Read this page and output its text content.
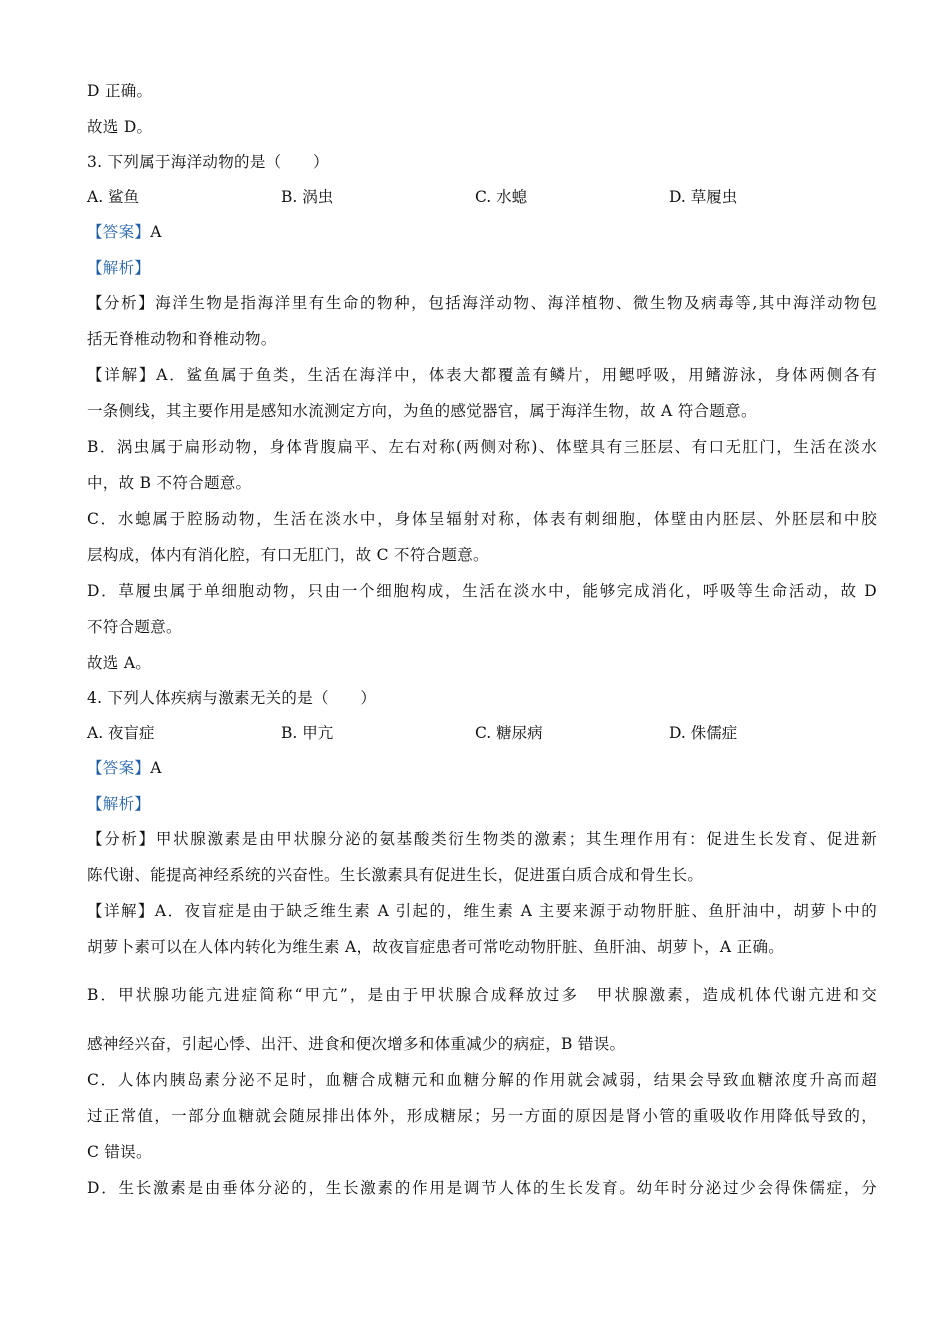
D 正确。
故选 D。
3. 下列属于海洋动物的是（　　）
A. 鲨鱼	B. 涡虫	C. 水螅	D. 草履虫
【答案】A
【解析】
【分析】海洋生物是指海洋里有生命的物种，包括海洋动物、海洋植物、微生物及病毒等,其中海洋动物包
括无脊椎动物和脊椎动物。
【详解】A．鲨鱼属于鱼类，生活在海洋中，体表大都覆盖有鳞片，用鳃呼吸，用鳍游泳，身体两侧各有
一条侧线，其主要作用是感知水流测定方向，为鱼的感觉器官，属于海洋生物，故 A 符合题意。
B．涡虫属于扁形动物，身体背腹扁平、左右对称(两侧对称)、体壁具有三胚层、有口无肛门，生活在淡水
中，故 B 不符合题意。
C．水螅属于腔肠动物，生活在淡水中，身体呈辐射对称，体表有刺细胞，体壁由内胚层、外胚层和中胶
层构成，体内有消化腔，有口无肛门，故 C 不符合题意。
D．草履虫属于单细胞动物，只由一个细胞构成，生活在淡水中，能够完成消化，呼吸等生命活动，故 D
不符合题意。
故选 A。
4. 下列人体疾病与激素无关的是（　　）
A. 夜盲症	B. 甲亢	C. 糖尿病	D. 侏儒症
【答案】A
【解析】
【分析】甲状腺激素是由甲状腺分泌的氨基酸类衍生物类的激素；其生理作用有：促进生长发育、促进新
陈代谢、能提高神经系统的兴奋性。生长激素具有促进生长，促进蛋白质合成和骨生长。
【详解】A．夜盲症是由于缺乏维生素 A 引起的，维生素 A 主要来源于动物肝脏、鱼肝油中，胡萝卜中的
胡萝卜素可以在人体内转化为维生素 A，故夜盲症患者可常吃动物肝脏、鱼肝油、胡萝卜，A 正确。
B．甲状腺功能亢进症简称“甲亢”，是由于甲状腺合成释放过多　甲状腺激素，造成机体代谢亢进和交
感神经兴奋，引起心悸、出汗、进食和便次增多和体重减少的病症，B 错误。
C．人体内胰岛素分泌不足时，血糖合成糖元和血糖分解的作用就会减弱，结果会导致血糖浓度升高而超
过正常值，一部分血糖就会随尿排出体外，形成糖尿；另一方面的原因是肾小管的重吸收作用降低导致的，
C 错误。
D．生长激素是由垂体分泌的，生长激素的作用是调节人体的生长发育。幼年时分泌过少会得侏儒症，分
